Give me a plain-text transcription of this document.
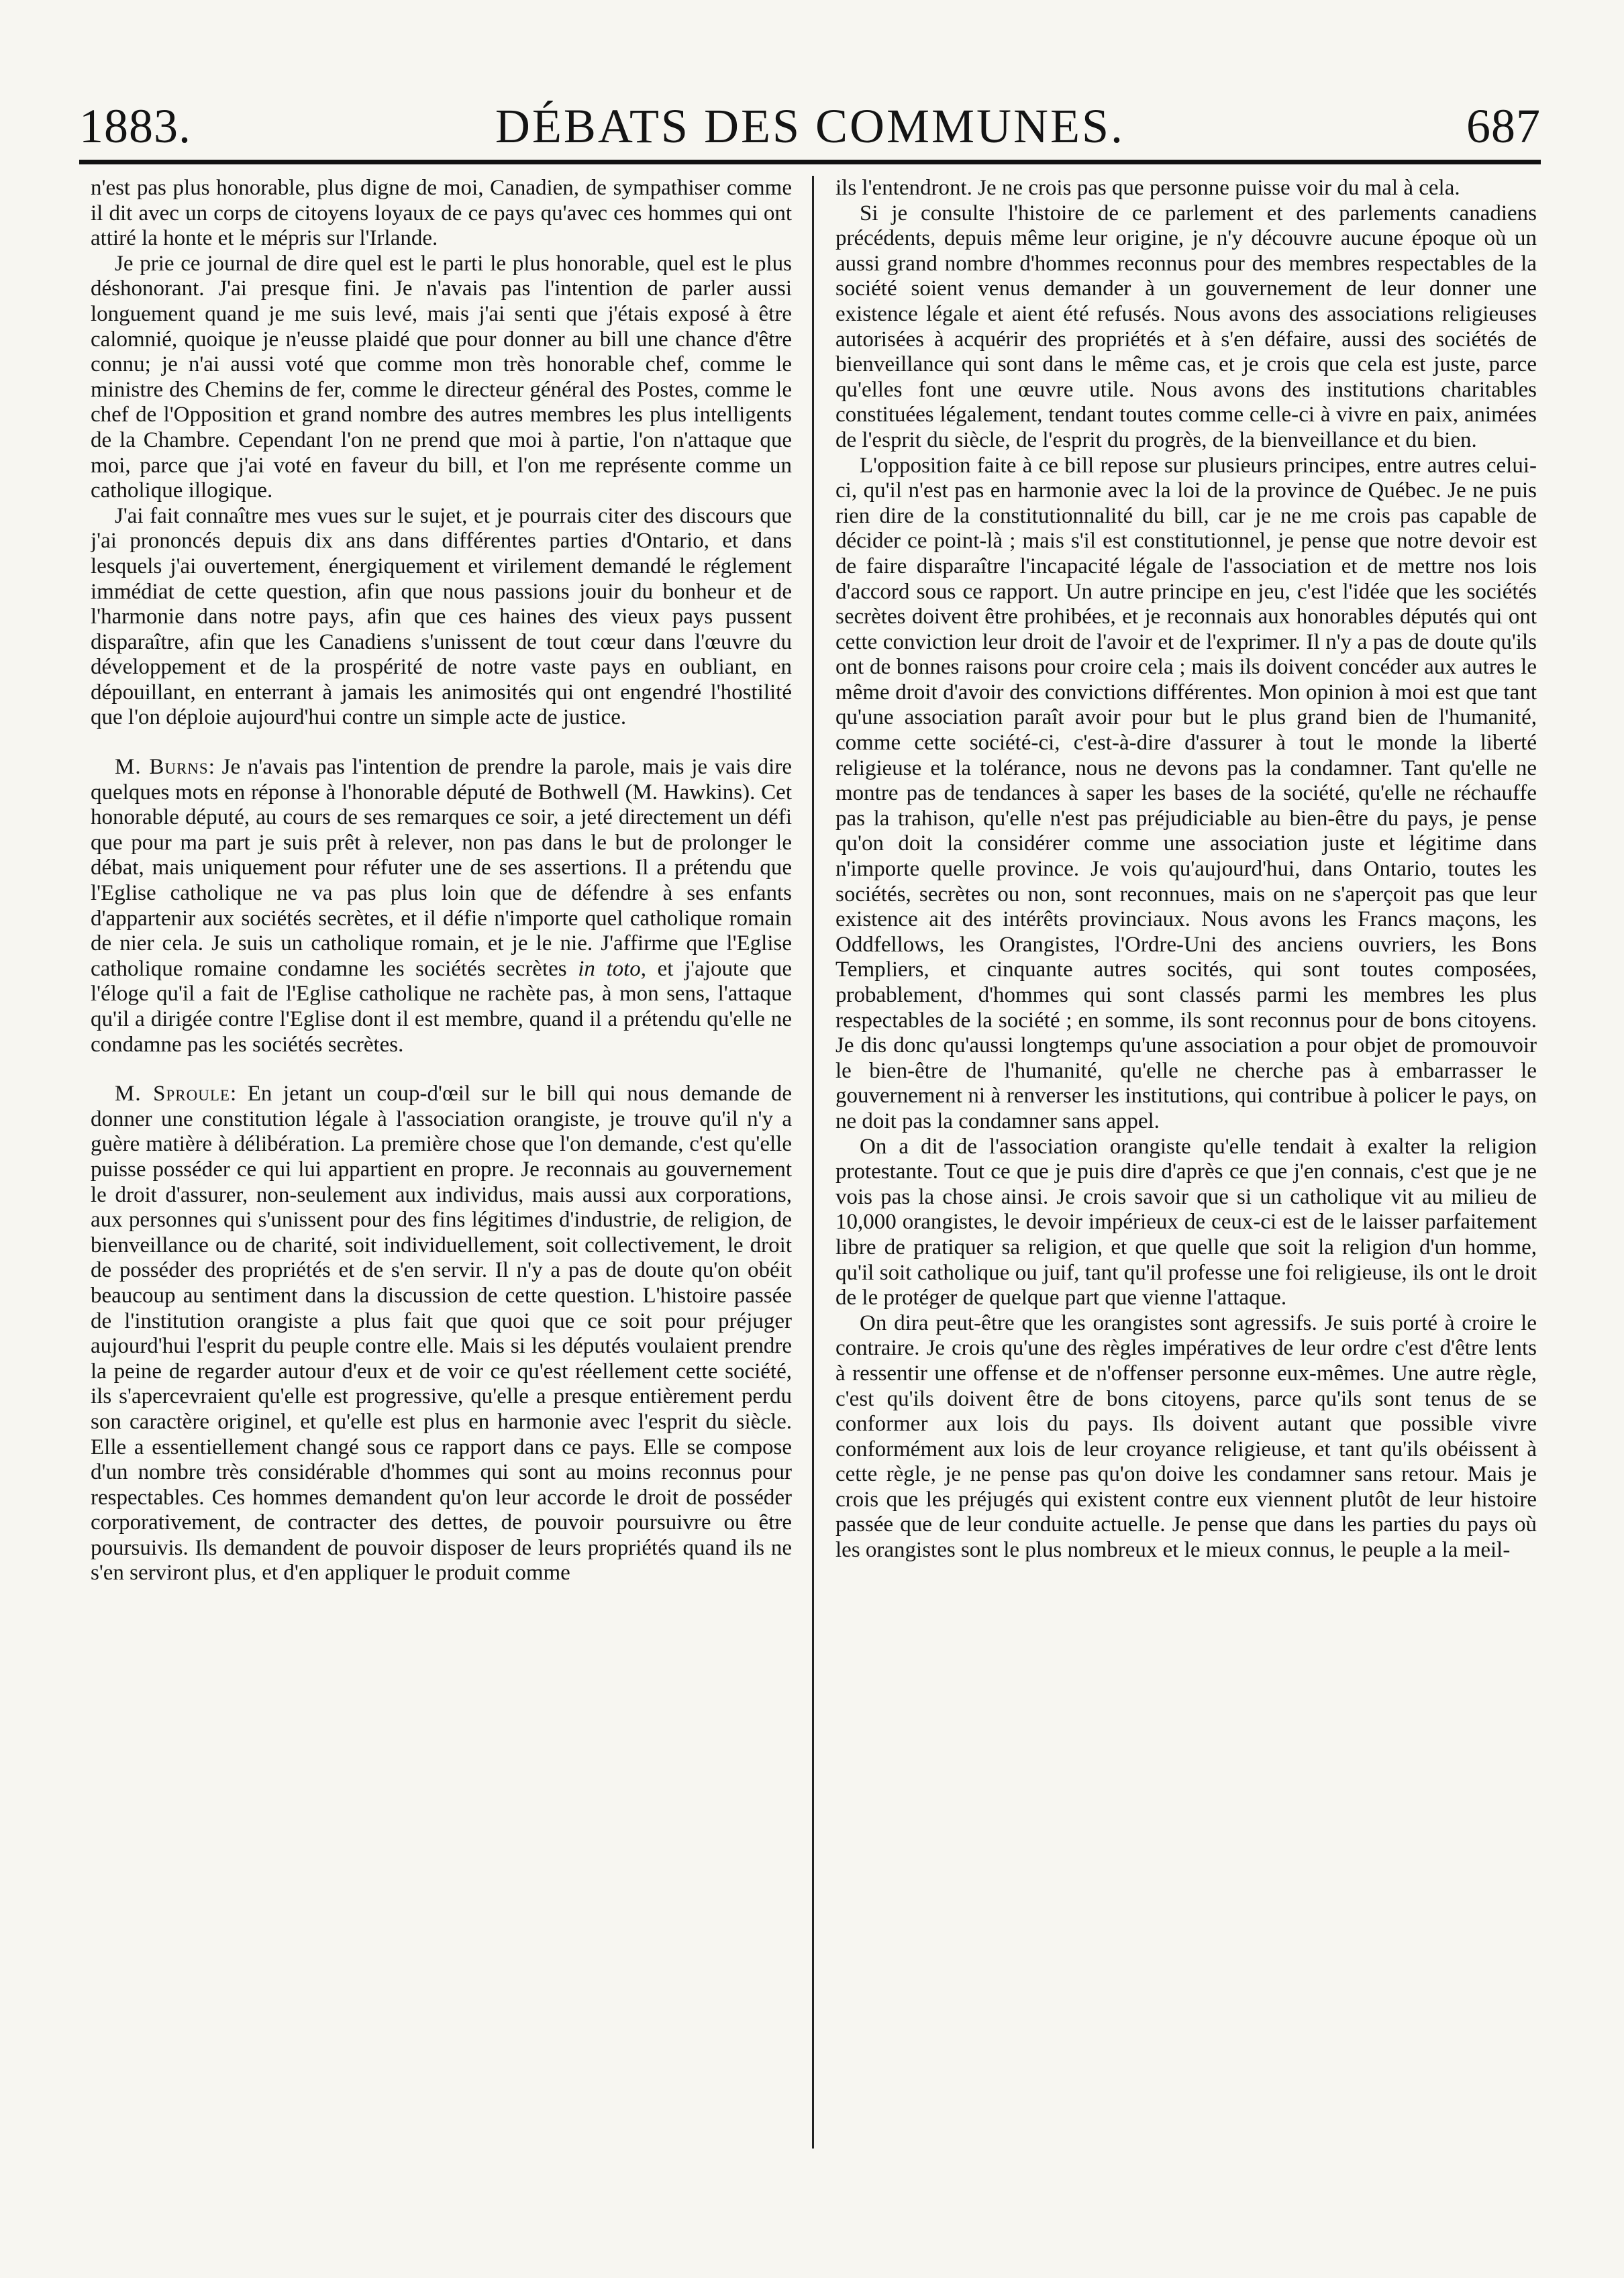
1883.	DÉBATS DES COMMUNES.	687

n'est pas plus honorable, plus digne de moi, Canadien, de sympathiser comme il dit avec un corps de citoyens loyaux de ce pays qu'avec ces hommes qui ont attiré la honte et le mépris sur l'Irlande.

Je prie ce journal de dire quel est le parti le plus honorable, quel est le plus déshonorant. J'ai presque fini. Je n'avais pas l'intention de parler aussi longuement quand je me suis levé, mais j'ai senti que j'étais exposé à être calomnié, quoique je n'eusse plaidé que pour donner au bill une chance d'être connu; je n'ai aussi voté que comme mon très honorable chef, comme le ministre des Chemins de fer, comme le directeur général des Postes, comme le chef de l'Opposition et grand nombre des autres membres les plus intelligents de la Chambre. Cependant l'on ne prend que moi à partie, l'on n'attaque que moi, parce que j'ai voté en faveur du bill, et l'on me représente comme un catholique illogique.

J'ai fait connaître mes vues sur le sujet, et je pourrais citer des discours que j'ai prononcés depuis dix ans dans différentes parties d'Ontario, et dans lesquels j'ai ouvertement, énergiquement et virilement demandé le réglement immédiat de cette question, afin que nous passions jouir du bonheur et de l'harmonie dans notre pays, afin que ces haines des vieux pays pussent disparaître, afin que les Canadiens s'unissent de tout cœur dans l'œuvre du développement et de la prospérité de notre vaste pays en oubliant, en dépouillant, en enterrant à jamais les animosités qui ont engendré l'hostilité que l'on déploie aujourd'hui contre un simple acte de justice.

M. Burns: Je n'avais pas l'intention de prendre la parole, mais je vais dire quelques mots en réponse à l'honorable député de Bothwell (M. Hawkins). Cet honorable député, au cours de ses remarques ce soir, a jeté directement un défi que pour ma part je suis prêt à relever, non pas dans le but de prolonger le débat, mais uniquement pour réfuter une de ses assertions. Il a prétendu que l'Eglise catholique ne va pas plus loin que de défendre à ses enfants d'appartenir aux sociétés secrètes, et il défie n'importe quel catholique romain de nier cela. Je suis un catholique romain, et je le nie. J'affirme que l'Eglise catholique romaine condamne les sociétés secrètes in toto, et j'ajoute que l'éloge qu'il a fait de l'Eglise catholique ne rachète pas, à mon sens, l'attaque qu'il a dirigée contre l'Eglise dont il est membre, quand il a prétendu qu'elle ne condamne pas les sociétés secrètes.

M. Sproule: En jetant un coup-d'œil sur le bill qui nous demande de donner une constitution légale à l'association orangiste, je trouve qu'il n'y a guère matière à délibération. La première chose que l'on demande, c'est qu'elle puisse posséder ce qui lui appartient en propre. Je reconnais au gouvernement le droit d'assurer, non-seulement aux individus, mais aussi aux corporations, aux personnes qui s'unissent pour des fins légitimes d'industrie, de religion, de bienveillance ou de charité, soit individuellement, soit collectivement, le droit de posséder des propriétés et de s'en servir. Il n'y a pas de doute qu'on obéit beaucoup au sentiment dans la discussion de cette question. L'histoire passée de l'institution orangiste a plus fait que quoi que ce soit pour préjuger aujourd'hui l'esprit du peuple contre elle. Mais si les députés voulaient prendre la peine de regarder autour d'eux et de voir ce qu'est réellement cette société, ils s'apercevraient qu'elle est progressive, qu'elle a presque entièrement perdu son caractère originel, et qu'elle est plus en harmonie avec l'esprit du siècle. Elle a essentiellement changé sous ce rapport dans ce pays. Elle se compose d'un nombre très considérable d'hommes qui sont au moins reconnus pour respectables. Ces hommes demandent qu'on leur accorde le droit de posséder corporativement, de contracter des dettes, de pouvoir poursuivre ou être poursuivis. Ils demandent de pouvoir disposer de leurs propriétés quand ils ne s'en serviront plus, et d'en appliquer le produit comme

ils l'entendront. Je ne crois pas que personne puisse voir du mal à cela.

Si je consulte l'histoire de ce parlement et des parlements canadiens précédents, depuis même leur origine, je n'y découvre aucune époque où un aussi grand nombre d'hommes reconnus pour des membres respectables de la société soient venus demander à un gouvernement de leur donner une existence légale et aient été refusés. Nous avons des associations religieuses autorisées à acquérir des propriétés et à s'en défaire, aussi des sociétés de bienveillance qui sont dans le même cas, et je crois que cela est juste, parce qu'elles font une œuvre utile. Nous avons des institutions charitables constituées légalement, tendant toutes comme celle-ci à vivre en paix, animées de l'esprit du siècle, de l'esprit du progrès, de la bienveillance et du bien.

L'opposition faite à ce bill repose sur plusieurs principes, entre autres celui-ci, qu'il n'est pas en harmonie avec la loi de la province de Québec. Je ne puis rien dire de la constitutionnalité du bill, car je ne me crois pas capable de décider ce point-là ; mais s'il est constitutionnel, je pense que notre devoir est de faire disparaître l'incapacité légale de l'association et de mettre nos lois d'accord sous ce rapport. Un autre principe en jeu, c'est l'idée que les sociétés secrètes doivent être prohibées, et je reconnais aux honorables députés qui ont cette conviction leur droit de l'avoir et de l'exprimer. Il n'y a pas de doute qu'ils ont de bonnes raisons pour croire cela ; mais ils doivent concéder aux autres le même droit d'avoir des convictions différentes. Mon opinion à moi est que tant qu'une association paraît avoir pour but le plus grand bien de l'humanité, comme cette société-ci, c'est-à-dire d'assurer à tout le monde la liberté religieuse et la tolérance, nous ne devons pas la condamner. Tant qu'elle ne montre pas de tendances à saper les bases de la société, qu'elle ne réchauffe pas la trahison, qu'elle n'est pas préjudiciable au bien-être du pays, je pense qu'on doit la considérer comme une association juste et légitime dans n'importe quelle province. Je vois qu'aujourd'hui, dans Ontario, toutes les sociétés, secrètes ou non, sont reconnues, mais on ne s'aperçoit pas que leur existence ait des intérêts provinciaux. Nous avons les Francs maçons, les Oddfellows, les Orangistes, l'Ordre-Uni des anciens ouvriers, les Bons Templiers, et cinquante autres socités, qui sont toutes composées, probablement, d'hommes qui sont classés parmi les membres les plus respectables de la société ; en somme, ils sont reconnus pour de bons citoyens. Je dis donc qu'aussi longtemps qu'une association a pour objet de promouvoir le bien-être de l'humanité, qu'elle ne cherche pas à embarrasser le gouvernement ni à renverser les institutions, qui contribue à policer le pays, on ne doit pas la condamner sans appel.

On a dit de l'association orangiste qu'elle tendait à exalter la religion protestante. Tout ce que je puis dire d'après ce que j'en connais, c'est que je ne vois pas la chose ainsi. Je crois savoir que si un catholique vit au milieu de 10,000 orangistes, le devoir impérieux de ceux-ci est de le laisser parfaitement libre de pratiquer sa religion, et que quelle que soit la religion d'un homme, qu'il soit catholique ou juif, tant qu'il professe une foi religieuse, ils ont le droit de le protéger de quelque part que vienne l'attaque.

On dira peut-être que les orangistes sont agressifs. Je suis porté à croire le contraire. Je crois qu'une des règles impératives de leur ordre c'est d'être lents à ressentir une offense et de n'offenser personne eux-mêmes. Une autre règle, c'est qu'ils doivent être de bons citoyens, parce qu'ils sont tenus de se conformer aux lois du pays. Ils doivent autant que possible vivre conformément aux lois de leur croyance religieuse, et tant qu'ils obéissent à cette règle, je ne pense pas qu'on doive les condamner sans retour. Mais je crois que les préjugés qui existent contre eux viennent plutôt de leur histoire passée que de leur conduite actuelle. Je pense que dans les parties du pays où les orangistes sont le plus nombreux et le mieux connus, le peuple a la meil-
